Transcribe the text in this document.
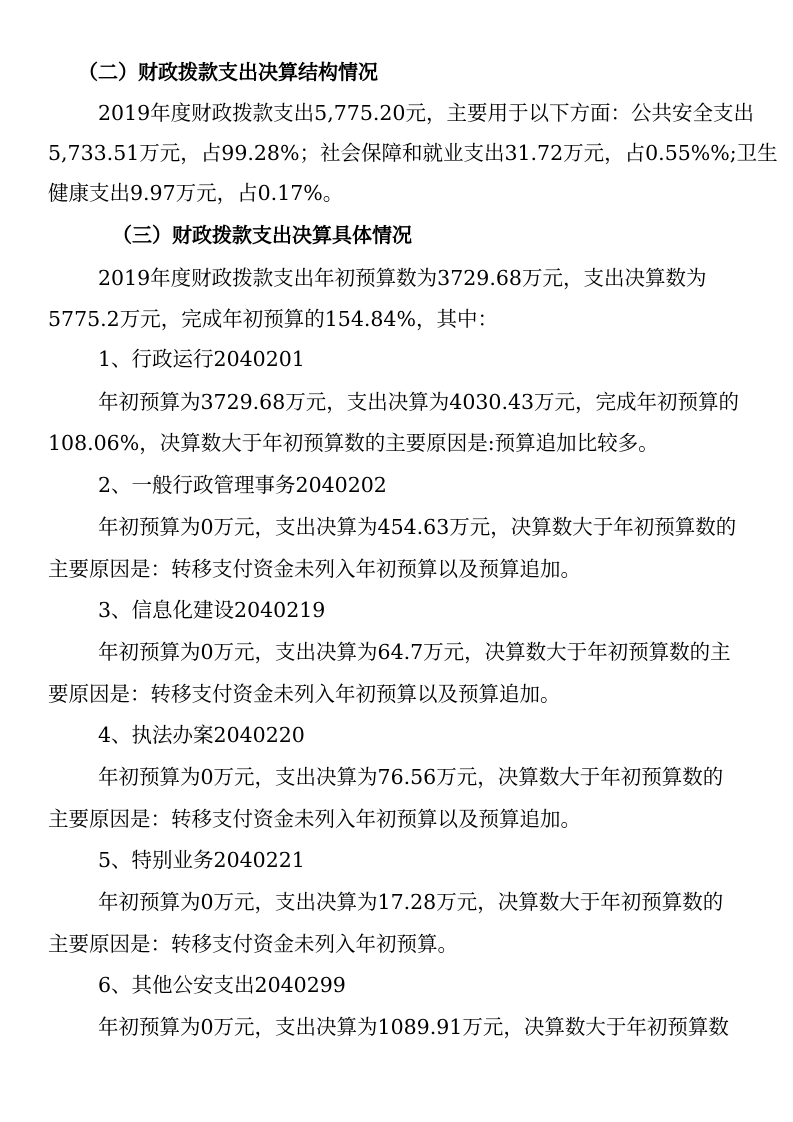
（二）财政拨款支出决算结构情况
2019年度财政拨款支出5,775.20元，主要用于以下方面：公共安全支出
5,733.51万元，占99.28%；社会保障和就业支出31.72万元，占0.55%%;卫生
健康支出9.97万元，占0.17%。
（三）财政拨款支出决算具体情况
2019年度财政拨款支出年初预算数为3729.68万元，支出决算数为
5775.2万元，完成年初预算的154.84%，其中：
1、行政运行2040201
年初预算为3729.68万元，支出决算为4030.43万元，完成年初预算的
108.06%，决算数大于年初预算数的主要原因是:预算追加比较多。
2、一般行政管理事务2040202
年初预算为0万元，支出决算为454.63万元，决算数大于年初预算数的
主要原因是：转移支付资金未列入年初预算以及预算追加。
3、信息化建设2040219
年初预算为0万元，支出决算为64.7万元，决算数大于年初预算数的主
要原因是：转移支付资金未列入年初预算以及预算追加。
4、执法办案2040220
年初预算为0万元，支出决算为76.56万元，决算数大于年初预算数的
主要原因是：转移支付资金未列入年初预算以及预算追加。
5、特别业务2040221
年初预算为0万元，支出决算为17.28万元，决算数大于年初预算数的
主要原因是：转移支付资金未列入年初预算。
6、其他公安支出2040299
年初预算为0万元，支出决算为1089.91万元，决算数大于年初预算数
